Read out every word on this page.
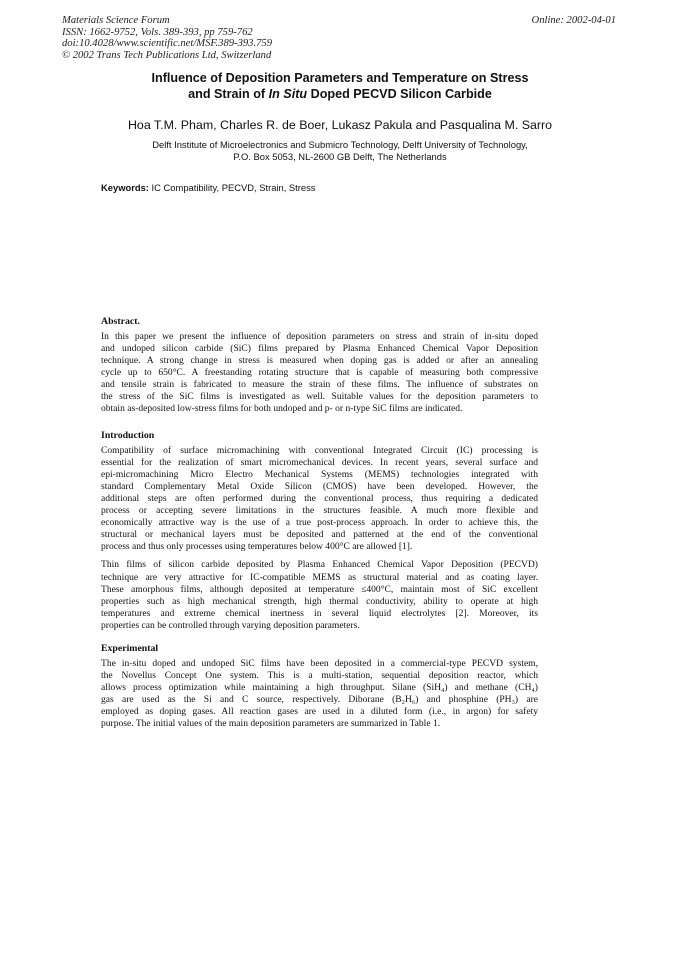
Materials Science Forum
ISSN: 1662-9752, Vols. 389-393, pp 759-762
doi:10.4028/www.scientific.net/MSF.389-393.759
© 2002 Trans Tech Publications Ltd, Switzerland
Online: 2002-04-01
Influence of Deposition Parameters and Temperature on Stress
and Strain of In Situ Doped PECVD Silicon Carbide
Hoa T.M. Pham, Charles R. de Boer, Lukasz Pakula and Pasqualina M. Sarro
Delft Institute of Microelectronics and Submicro Technology, Delft University of Technology,
P.O. Box 5053, NL-2600 GB Delft, The Netherlands
Keywords: IC Compatibility, PECVD, Strain, Stress
Abstract.
In this paper we present the influence of deposition parameters on stress and strain of in-situ doped
and undoped silicon carbide (SiC) films prepared by Plasma Enhanced Chemical Vapor Deposition
technique. A strong change in stress is measured when doping gas is added or after an annealing
cycle up to 650°C. A freestanding rotating structure that is capable of measuring both compressive
and tensile strain is fabricated to measure the strain of these films. The influence of substrates on
the stress of the SiC films is investigated as well. Suitable values for the deposition parameters to
obtain as-deposited low-stress films for both undoped and p- or n-type SiC films are indicated.
Introduction
Compatibility of surface micromachining with conventional Integrated Circuit (IC) processing is
essential for the realization of smart micromechanical devices. In recent years, several surface and
epi-micromachining Micro Electro Mechanical Systems (MEMS) technologies integrated with
standard Complementary Metal Oxide Silicon (CMOS) have been developed. However, the
additional steps are often performed during the conventional process, thus requiring a dedicated
process or accepting severe limitations in the structures feasible. A much more flexible and
economically attractive way is the use of a true post-process approach. In order to achieve this, the
structural or mechanical layers must be deposited and patterned at the end of the conventional
process and thus only processes using temperatures below 400°C are allowed [1].
Thin films of silicon carbide deposited by Plasma Enhanced Chemical Vapor Deposition (PECVD)
technique are very attractive for IC-compatible MEMS as structural material and as coating layer.
These amorphous films, although deposited at temperature ≤400°C, maintain most of SiC excellent
properties such as high mechanical strength, high thermal conductivity, ability to operate at high
temperatures and extreme chemical inertness in several liquid electrolytes [2]. Moreover, its
properties can be controlled through varying deposition parameters.
Experimental
The in-situ doped and undoped SiC films have been deposited in a commercial-type PECVD system,
the Novellus Concept One system. This is a multi-station, sequential deposition reactor, which
allows process optimization while maintaining a high throughput. Silane (SiH₄) and methane (CH₄)
gas are used as the Si and C source, respectively. Diborane (B₂H₆) and phosphine (PH₃) are
employed as doping gases. All reaction gases are used in a diluted form (i.e., in argon) for safety
purpose. The initial values of the main deposition parameters are summarized in Table 1.
